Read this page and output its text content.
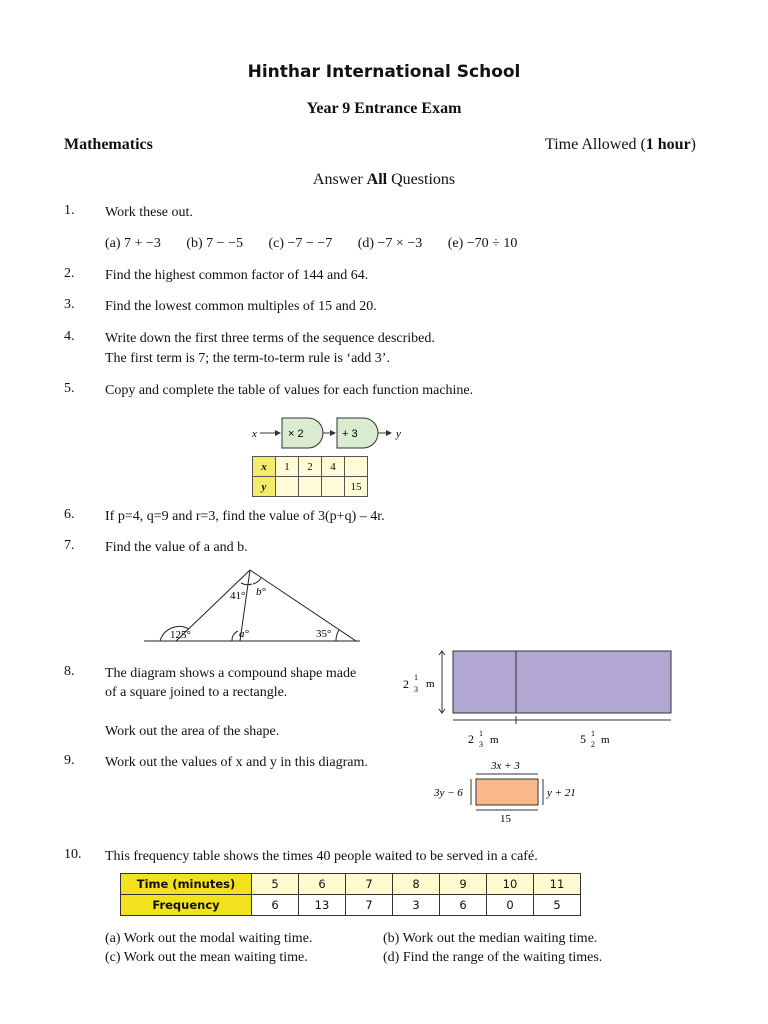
Hinthar International School
Year 9 Entrance Exam
Mathematics	Time Allowed (1 hour)
Answer All Questions
1. Work these out.
(a) 7 + −3 (b) 7 − −5 (c) −7 − −7 (d) −7 × −3 (e) −70 ÷ 10
2. Find the highest common factor of 144 and 64.
3. Find the lowest common multiples of 15 and 20.
4. Write down the first three terms of the sequence described.
The first term is 7; the term-to-term rule is ‘add 3’.
5. Copy and complete the table of values for each function machine.
x	× 2	+ 3	y
x	1	2	4	
y				15
6. If p=4, q=9 and r=3, find the value of 3(p+q) – 4r.
7. Find the value of a and b.
125°	a°
41° b°
35°
8. The diagram shows a compound shape made
of a square joined to a rectangle.
Work out the area of the shape.
2 1
3 m
2 1
3 m	5 1
2 m
9. Work out the values of x and y in this diagram.	3x + 3
3y − 6	y + 21
15
10. This frequency table shows the times 40 people waited to be served in a café.
Time (minutes)	5	6	7	8	9	10	11
Frequency	6	13	7	3	6	0	5
(a) Work out the modal waiting time.	(b) Work out the median waiting time.
(c) Work out the mean waiting time.	(d) Find the range of the waiting times.
